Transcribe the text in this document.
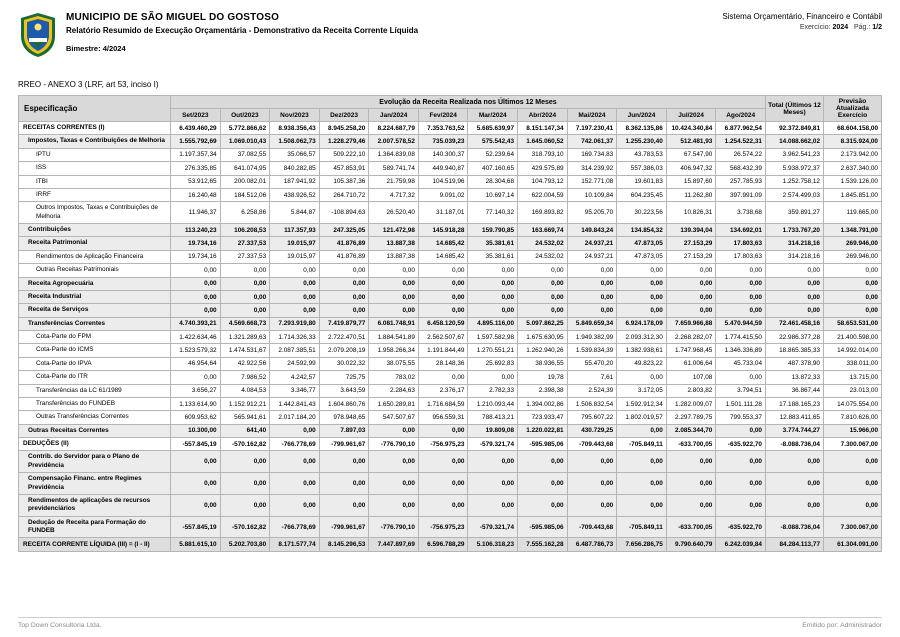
MUNICIPIO DE SÃO MIGUEL DO GOSTOSO
Relatório Resumido de Execução Orçamentária - Demonstrativo da Receita Corrente Líquida
Bimestre: 4/2024
Sistema Orçamentário, Financeiro e Contábil
Exercício: 2024 Pág.: 1/2
RREO - ANEXO 3 (LRF, art 53, inciso I)
Especificação	Evolução da Receita Realizada nos Últimos 12 Meses												Total (Últimos 12 Meses)	Previsão Atualizada Exercício
	Set/2023	Out/2023	Nov/2023	Dez/2023	Jan/2024	Fev/2024	Mar/2024	Abr/2024	Mai/2024	Jun/2024	Jul/2024	Ago/2024		
RECEITAS CORRENTES (I)	6.439.460,29	5.772.866,62	8.938.356,43	8.945.258,20	8.224.687,79	7.353.763,52	5.685.639,97	8.151.147,34	7.197.230,41	8.362.135,86	10.424.340,84	6.877.962,54	92.372.849,81	68.604.158,00
Impostos, Taxas e Contribuições de Melhoria	1.555.792,69	1.069.010,43	1.508.062,73	1.228.279,46	2.007.578,52	735.039,23	575.542,43	1.645.060,52	742.061,37	1.255.230,40	512.481,93	1.254.522,31	14.088.662,02	8.315.924,00
IPTU	1.197.357,34	37.082,55	35.066,57	509.222,10	1.364.839,08	140.300,37	52.239,64	318.793,10	169.734,83	43.783,53	67.547,90	26.574,22	3.962.541,23	2.173.942,00
ISS	276.335,85	641.074,95	840.282,85	457.853,91	589.741,74	449.940,87	407.160,65	429.575,89	314.239,92	557.386,03	406.947,32	568.432,39	5.938.972,37	2.637.340,00
ITBI	53.912,65	200.082,01	187.941,92	105.387,36	21.759,98	104.519,96	28.304,68	104.793,12	152.771,08	19.601,83	15.897,60	257.785,93	1.252.758,12	1.539.126,00
IRRF	16.240,48	184.512,06	438.926,52	264.710,72	4.717,32	9.091,02	10.697,14	622.004,59	10.109,84	604.235,45	11.262,80	397.991,09	2.574.499,03	1.845.851,00
Outros Impostos, Taxas e Contribuições de Melhoria	11.946,37	6.258,86	5.844,87	-108.894,63	26.520,40	31.187,01	77.140,32	169.893,82	95.205,70	30.223,56	10.826,31	3.738,68	359.891,27	119.665,00
Contribuições	113.240,23	106.208,53	117.357,93	247.325,05	121.472,98	145.918,28	159.790,85	163.669,74	149.843,24	134.854,32	139.394,04	134.692,01	1.733.767,20	1.348.791,00
Receita Patrimonial	19.734,16	27.337,53	19.015,97	41.876,89	13.887,38	14.685,42	35.381,61	24.532,02	24.937,21	47.873,05	27.153,29	17.803,63	314.218,16	269.946,00
Rendimentos de Aplicação Financeira	19.734,16	27.337,53	19.015,97	41.876,89	13.887,38	14.685,42	35.381,61	24.532,02	24.937,21	47.873,05	27.153,29	17.803,63	314.218,16	269.946,00
Outras Receitas Patrimoniais	0,00	0,00	0,00	0,00	0,00	0,00	0,00	0,00	0,00	0,00	0,00	0,00	0,00	0,00
Receita Agropecuária	0,00	0,00	0,00	0,00	0,00	0,00	0,00	0,00	0,00	0,00	0,00	0,00	0,00	0,00
Receita Industrial	0,00	0,00	0,00	0,00	0,00	0,00	0,00	0,00	0,00	0,00	0,00	0,00	0,00	0,00
Receita de Serviços	0,00	0,00	0,00	0,00	0,00	0,00	0,00	0,00	0,00	0,00	0,00	0,00	0,00	0,00
Transferências Correntes	4.740.393,21	4.569.668,73	7.293.919,80	7.419.879,77	6.081.748,91	6.458.120,59	4.895.116,00	5.097.862,25	5.849.659,34	6.924.178,09	7.659.966,88	5.470.944,59	72.461.458,16	58.653.531,00
Cota-Parte do FPM	1.422.634,46	1.321.289,63	1.714.326,33	2.722.470,51	1.884.541,89	2.562.507,67	1.597.582,98	1.675.630,95	1.949.382,99	2.093.312,30	2.268.282,07	1.774.415,50	22.986.377,28	21.400.598,00
Cota-Parte do ICMS	1.523.579,32	1.474.531,67	2.087.385,51	2.079.208,19	1.958.266,34	1.191.844,49	1.270.551,21	1.262.940,26	1.539.834,39	1.382.938,61	1.747.968,45	1.346.336,89	18.865.385,33	14.992.014,00
Cota-Parte do IPVA	46.954,64	42.922,56	24.592,99	30.022,32	38.075,55	28.148,36	25.692,83	38.936,55	55.470,20	49.823,22	61.006,64	45.733,04	487.378,90	338.011,00
Cota-Parte do ITR	0,00	7.986,52	4.242,57	725,75	783,02	0,00	0,00	19,78	7,61	0,00	107,08	0,00	13.872,33	13.715,00
Transferências da LC 61/1989	3.656,27	4.084,53	3.346,77	3.643,59	2.284,63	2.376,17	2.782,33	2.398,38	2.524,39	3.172,05	2.803,82	3.794,51	36.867,44	23.013,00
Transferências do FUNDEB	1.133.614,90	1.152.912,21	1.442.841,43	1.604.860,76	1.650.289,81	1.716.684,59	1.210.093,44	1.394.002,86	1.506.832,54	1.592.912,34	1.282.009,07	1.501.111,28	17.188.165,23	14.075.554,00
Outras Transferências Correntes	609.953,62	565.941,61	2.017.184,20	978.948,65	547.507,67	956.559,31	788.413,21	723.933,47	795.607,22	1.802.019,57	2.297.789,75	799.553,37	12.883.411,65	7.810.626,00
Outras Receitas Correntes	10.300,00	641,40	0,00	7.897,03	0,00	0,00	19.809,08	1.220.022,81	430.729,25	0,00	2.085.344,70	0,00	3.774.744,27	15.966,00
DEDUÇÕES (II)	-557.845,19	-570.162,82	-766.778,69	-799.961,67	-776.790,10	-756.975,23	-579.321,74	-595.985,06	-709.443,68	-705.849,11	-633.700,05	-635.922,70	-8.088.736,04	7.300.067,00
Contrib. do Servidor para o Plano de Previdência	0,00	0,00	0,00	0,00	0,00	0,00	0,00	0,00	0,00	0,00	0,00	0,00	0,00	0,00
Compensação Financ. entre Regimes Previdência	0,00	0,00	0,00	0,00	0,00	0,00	0,00	0,00	0,00	0,00	0,00	0,00	0,00	0,00
Rendimentos de aplicações de recursos previdenciários	0,00	0,00	0,00	0,00	0,00	0,00	0,00	0,00	0,00	0,00	0,00	0,00	0,00	0,00
Dedução de Receita para Formação do FUNDEB	-557.845,19	-570.162,82	-766.778,69	-799.961,67	-776.790,10	-756.975,23	-579.321,74	-595.985,06	-709.443,68	-705.849,11	-633.700,05	-635.922,70	-8.088.736,04	7.300.067,00
RECEITA CORRENTE LÍQUIDA (III) = (I - II)	5.881.615,10	5.202.703,80	8.171.577,74	8.145.296,53	7.447.897,69	6.596.788,29	5.106.318,23	7.555.162,28	6.487.786,73	7.656.286,75	9.790.640,79	6.242.039,84	84.284.113,77	61.304.091,00
Top Down Consultoria Ltda.	Emitido por: Administrador
